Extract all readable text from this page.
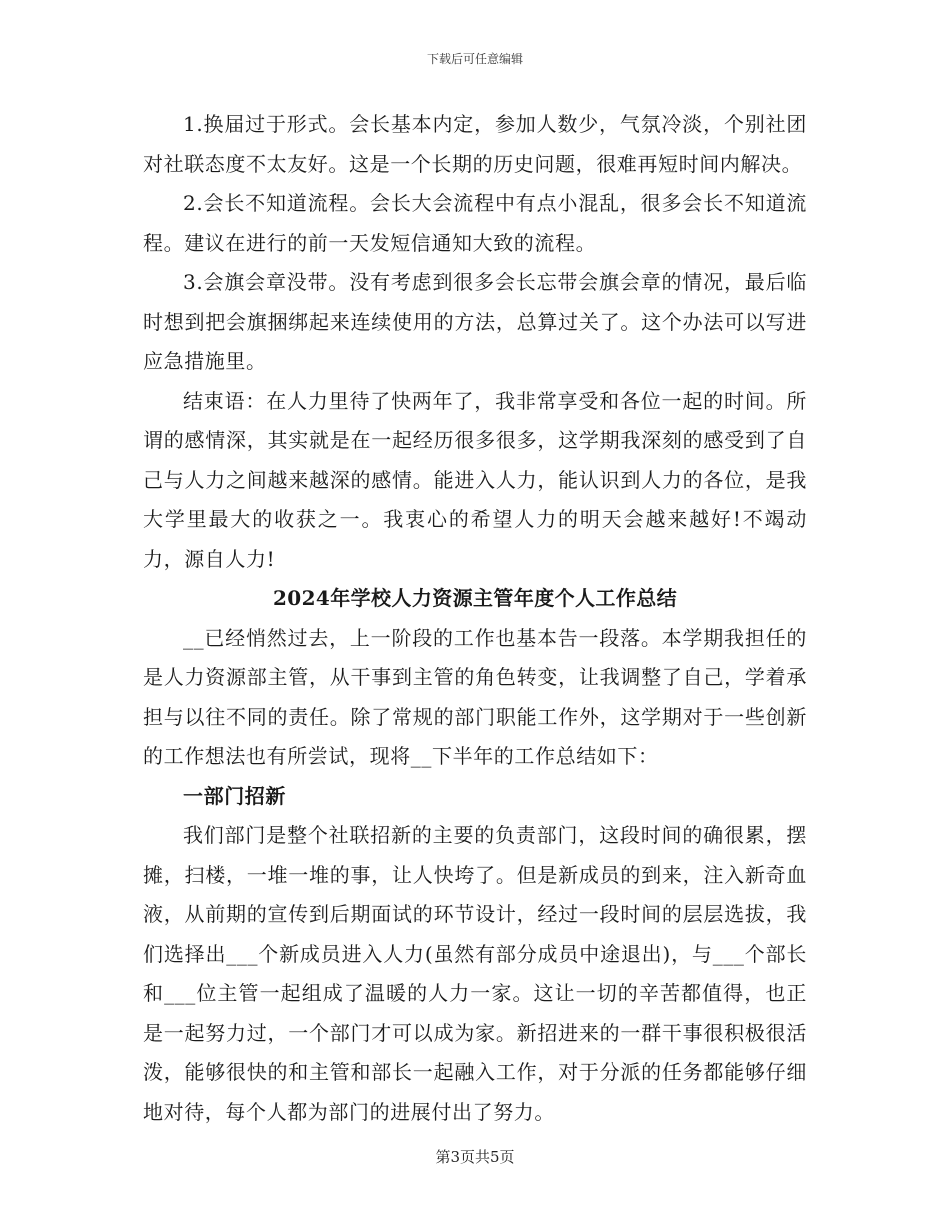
下载后可任意编辑

1.换届过于形式。会长基本内定，参加人数少，气氛冷淡，个别社团对社联态度不太友好。这是一个长期的历史问题，很难再短时间内解决。

2.会长不知道流程。会长大会流程中有点小混乱，很多会长不知道流程。建议在进行的前一天发短信通知大致的流程。

3.会旗会章没带。没有考虑到很多会长忘带会旗会章的情况，最后临时想到把会旗捆绑起来连续使用的方法，总算过关了。这个办法可以写进应急措施里。

结束语：在人力里待了快两年了，我非常享受和各位一起的时间。所谓的感情深，其实就是在一起经历很多很多，这学期我深刻的感受到了自己与人力之间越来越深的感情。能进入人力，能认识到人力的各位，是我大学里最大的收获之一。我衷心的希望人力的明天会越来越好!不竭动力，源自人力!

2024年学校人力资源主管年度个人工作总结

__已经悄然过去，上一阶段的工作也基本告一段落。本学期我担任的是人力资源部主管，从干事到主管的角色转变，让我调整了自己，学着承担与以往不同的责任。除了常规的部门职能工作外，这学期对于一些创新的工作想法也有所尝试，现将__下半年的工作总结如下：

一部门招新

我们部门是整个社联招新的主要的负责部门，这段时间的确很累，摆摊，扫楼，一堆一堆的事，让人快垮了。但是新成员的到来，注入新奇血液，从前期的宣传到后期面试的环节设计，经过一段时间的层层选拔，我们选择出___个新成员进入人力(虽然有部分成员中途退出)，与___个部长和___位主管一起组成了温暖的人力一家。这让一切的辛苦都值得，也正是一起努力过，一个部门才可以成为家。新招进来的一群干事很积极很活泼，能够很快的和主管和部长一起融入工作，对于分派的任务都能够仔细地对待，每个人都为部门的进展付出了努力。

第3页共5页
